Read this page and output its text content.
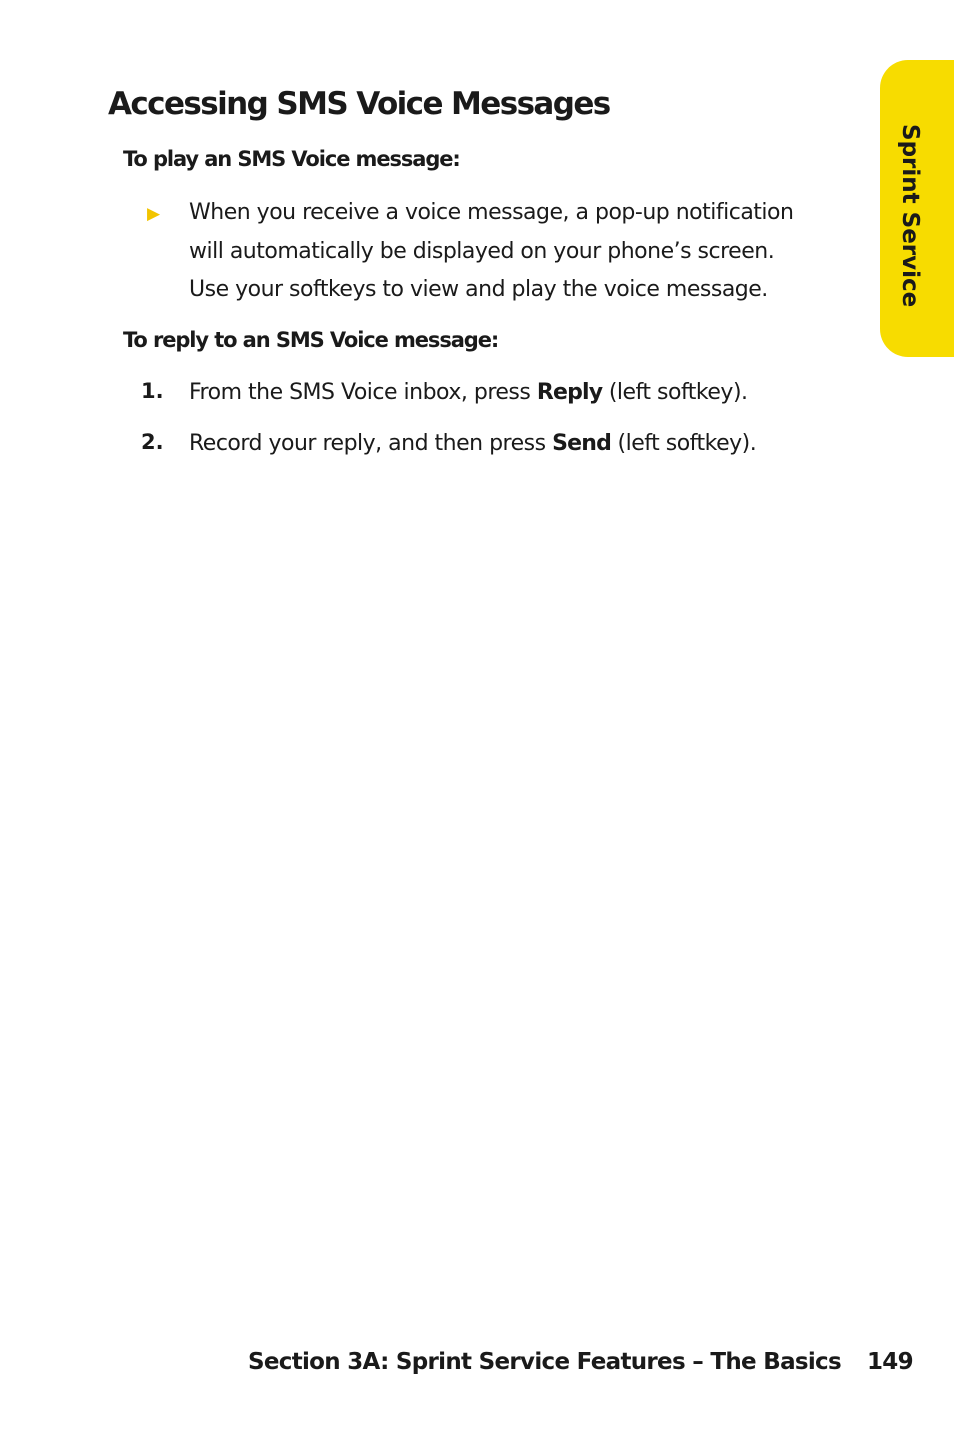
Sprint Service
Accessing SMS Voice Messages
To play an SMS Voice message:
▶ When you receive a voice message, a pop-up notification
will automatically be displayed on your phone’s screen.
Use your softkeys to view and play the voice message.

To reply to an SMS Voice message:
1. From the SMS Voice inbox, press Reply (left softkey).

2. Record your reply, and then press Send (left softkey).

Section 3A: Sprint Service Features – The Basics 149
